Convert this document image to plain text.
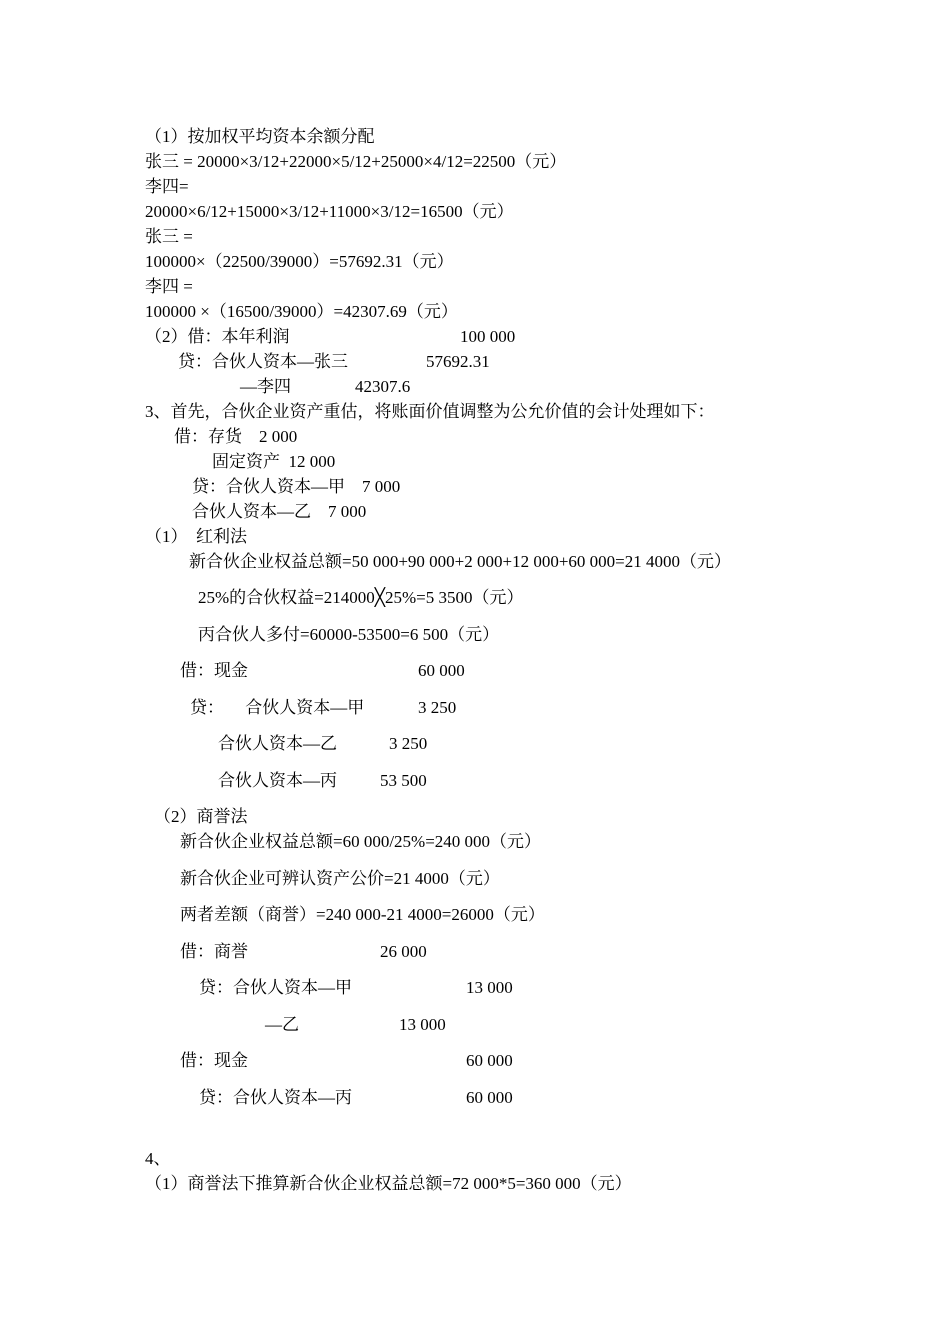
（1）按加权平均资本余额分配
张三 = 20000×3/12+22000×5/12+25000×4/12=22500（元）
李四=
20000×6/12+15000×3/12+11000×3/12=16500（元）
张三 =
100000×（22500/39000）=57692.31（元）
李四 =
100000 ×（16500/39000）=42307.69（元）
（2）借：本年利润	100 000
贷：合伙人资本—张三	57692.31
—李四	42307.6
3、首先，合伙企业资产重估，将账面价值调整为公允价值的会计处理如下：
借：存货    2 000
固定资产  12 000
贷：合伙人资本—甲    7 000
合伙人资本—乙    7 000
（1）  红利法
新合伙企业权益总额=50 000+90 000+2 000+12 000+60 000=21 4000（元）
25%的合伙权益=214000╳25%=5 3500（元）
丙合伙人多付=60000-53500=6 500（元）
借：现金	60 000
贷：     合伙人资本—甲	3 250
合伙人资本—乙	3 250
合伙人资本—丙	53 500
（2）商誉法
新合伙企业权益总额=60 000/25%=240 000（元）
新合伙企业可辨认资产公价=21 4000（元）
两者差额（商誉）=240 000-21 4000=26000（元）
借：商誉	26 000
贷：合伙人资本—甲	13 000
—乙	13 000
借：现金	60 000
贷：合伙人资本—丙	60 000
4、
（1）商誉法下推算新合伙企业权益总额=72 000*5=360 000（元）
